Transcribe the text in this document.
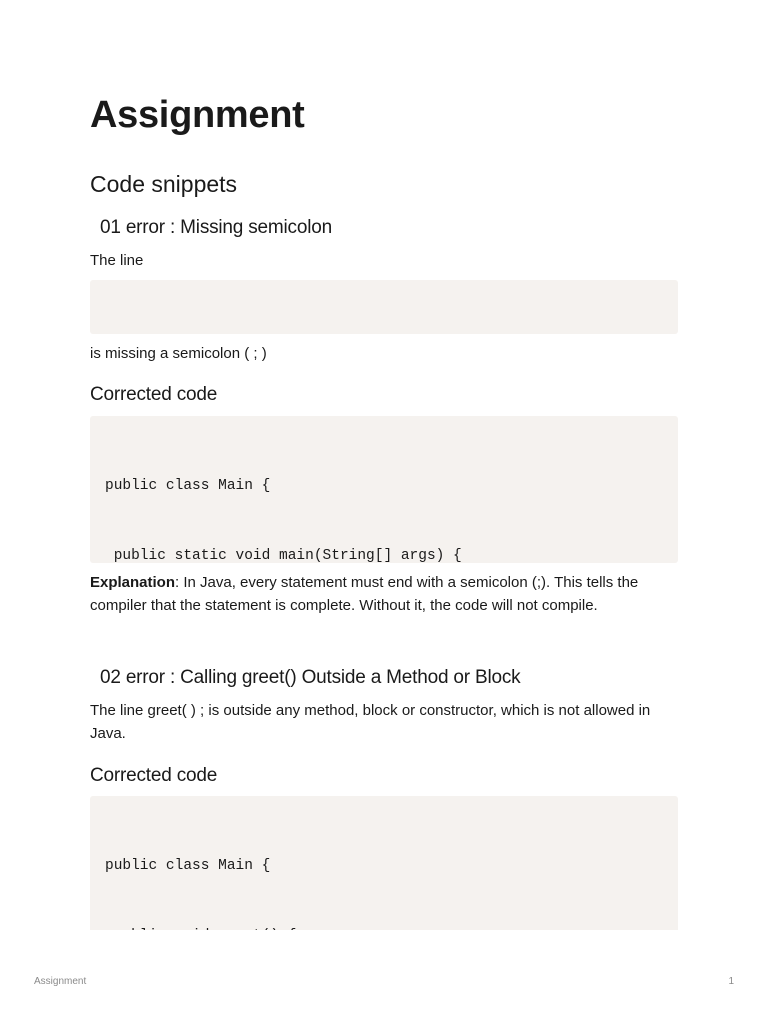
Assignment
Code snippets
01 error : Missing semicolon

The line

is missing a semicolon ( ; )

Corrected code

public class Main {

public static void main(String[] args) {

Explanation: In Java, every statement must end with a semicolon (;). This tells the compiler that the statement is complete. Without it, the code will not compile.

02 error : Calling greet() Outside a Method or Block

The line greet( ) ; is outside any method, block or constructor, which is not allowed in Java.

Corrected code

public class Main {

Assignment	1
